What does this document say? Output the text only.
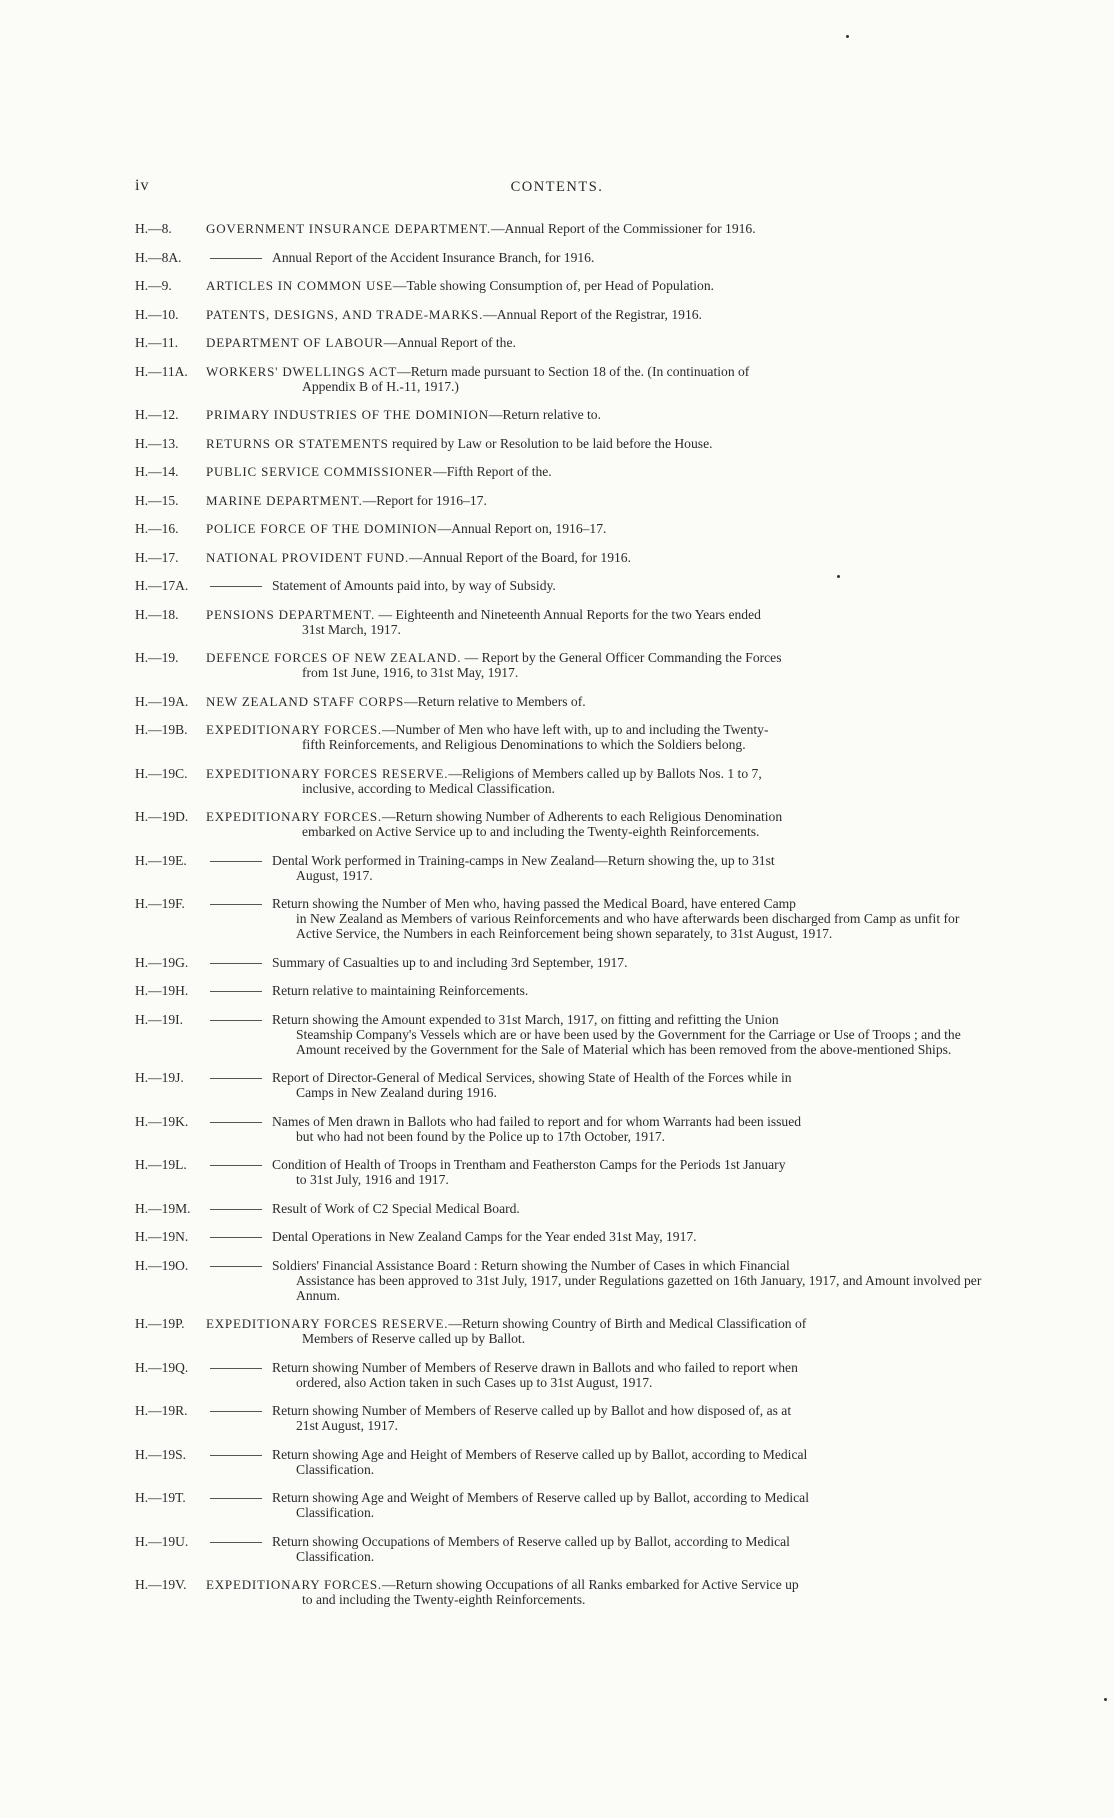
iv	CONTENTS.
H.—8.	GOVERNMENT INSURANCE DEPARTMENT.—Annual Report of the Commissioner for 1916.
H.—8A.	Annual Report of the Accident Insurance Branch, for 1916.
H.—9.	ARTICLES IN COMMON USE—Table showing Consumption of, per Head of Population.
H.—10. PATENTS, DESIGNS, AND TRADE-MARKS.—Annual Report of the Registrar, 1916.
H.—11. DEPARTMENT OF LABOUR—Annual Report of the.
H.—11A. WORKERS' DWELLINGS ACT—Return made pursuant to Section 18 of the. (In continuation of
Appendix B of H.-11, 1917.)
H.—12. PRIMARY INDUSTRIES OF THE DOMINION—Return relative to.
H.—13. RETURNS OR STATEMENTS required by Law or Resolution to be laid before the House.
H.—14. PUBLIC SERVICE COMMISSIONER—Fifth Report of the.
H.—15. MARINE DEPARTMENT.—Report for 1916–17.
H.—16. POLICE FORCE OF THE DOMINION—Annual Report on, 1916–17.
H.—17. NATIONAL PROVIDENT FUND.—Annual Report of the Board, for 1916.
H.—17A.	Statement of Amounts paid into, by way of Subsidy.
H.—18. PENSIONS DEPARTMENT. — Eighteenth and Nineteenth Annual Reports for the two Years ended
31st March, 1917.
H.—19. DEFENCE FORCES OF NEW ZEALAND. — Report by the General Officer Commanding the Forces
from 1st June, 1916, to 31st May, 1917.
H.—19A. NEW ZEALAND STAFF CORPS—Return relative to Members of.
H.—19B. EXPEDITIONARY FORCES.—Number of Men who have left with, up to and including the Twenty-
fifth Reinforcements, and Religious Denominations to which the Soldiers belong.
H.—19C. EXPEDITIONARY FORCES RESERVE.—Religions of Members called up by Ballots Nos. 1 to 7,
inclusive, according to Medical Classification.
H.—19D. EXPEDITIONARY FORCES.—Return showing Number of Adherents to each Religious Denomination
embarked on Active Service up to and including the Twenty-eighth Reinforcements.
H.—19E.	Dental Work performed in Training-camps in New Zealand—Return showing the, up to 31st
August, 1917.
H.—19F.	Return showing the Number of Men who, having passed the Medical Board, have entered Camp
in New Zealand as Members of various Reinforcements and who have afterwards been discharged from Camp as unfit for Active Service, the Numbers in each Reinforcement being shown separately, to 31st August, 1917.
H.—19G.	Summary of Casualties up to and including 3rd September, 1917.
H.—19H.	Return relative to maintaining Reinforcements.
H.—19I.	Return showing the Amount expended to 31st March, 1917, on fitting and refitting the Union
Steamship Company's Vessels which are or have been used by the Government for the Carriage or Use of Troops ; and the Amount received by the Government for the Sale of Material which has been removed from the above-mentioned Ships.
H.—19J.	Report of Director-General of Medical Services, showing State of Health of the Forces while in
Camps in New Zealand during 1916.
H.—19K.	Names of Men drawn in Ballots who had failed to report and for whom Warrants had been issued
but who had not been found by the Police up to 17th October, 1917.
H.—19L.	Condition of Health of Troops in Trentham and Featherston Camps for the Periods 1st January
to 31st July, 1916 and 1917.
H.—19M.	Result of Work of C2 Special Medical Board.
H.—19N.	Dental Operations in New Zealand Camps for the Year ended 31st May, 1917.
H.—19O.	Soldiers' Financial Assistance Board : Return showing the Number of Cases in which Financial
Assistance has been approved to 31st July, 1917, under Regulations gazetted on 16th January, 1917, and Amount involved per Annum.
H.—19P. EXPEDITIONARY FORCES RESERVE.—Return showing Country of Birth and Medical Classification of
Members of Reserve called up by Ballot.
H.—19Q.	Return showing Number of Members of Reserve drawn in Ballots and who failed to report when
ordered, also Action taken in such Cases up to 31st August, 1917.
H.—19R.	Return showing Number of Members of Reserve called up by Ballot and how disposed of, as at
21st August, 1917.
H.—19S.	Return showing Age and Height of Members of Reserve called up by Ballot, according to Medical
Classification.
H.—19T.	Return showing Age and Weight of Members of Reserve called up by Ballot, according to Medical
Classification.
H.—19U.	Return showing Occupations of Members of Reserve called up by Ballot, according to Medical
Classification.
H.—19V. EXPEDITIONARY FORCES.—Return showing Occupations of all Ranks embarked for Active Service up
to and including the Twenty-eighth Reinforcements.
